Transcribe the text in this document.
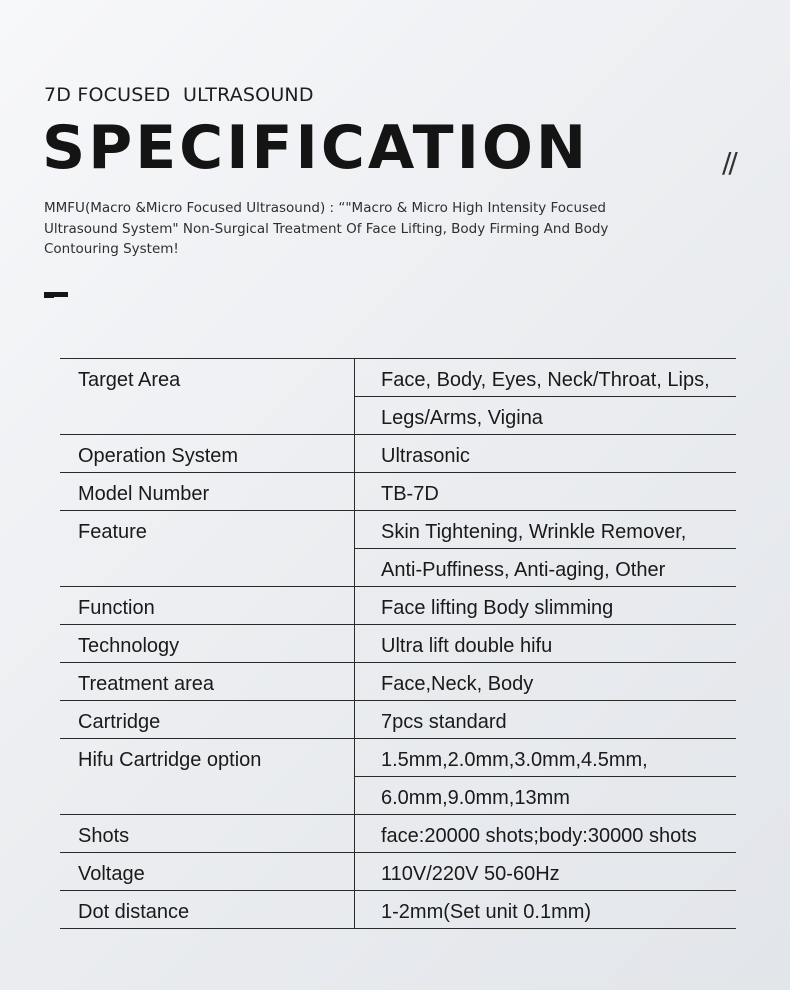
7D FOCUSED  ULTRASOUND
SPECIFICATION	//
MMFU(Macro &Micro Focused Ultrasound) : “"Macro & Micro High Intensity Focused Ultrasound System" Non-Surgical Treatment Of Face Lifting, Body Firming And Body Contouring System!
Target Area	Face, Body, Eyes, Neck/Throat, Lips,
Legs/Arms, Vigina

Operation System	Ultrasonic

Model Number	TB-7D

Feature	Skin Tightening, Wrinkle Remover,
Anti-Puffiness, Anti-aging, Other

Function	Face lifting Body slimming

Technology	Ultra lift double hifu

Treatment area	Face,Neck, Body

Cartridge	7pcs standard

Hifu Cartridge option	1.5mm,2.0mm,3.0mm,4.5mm,
6.0mm,9.0mm,13mm

Shots	face:20000 shots;body:30000 shots

Voltage	110V/220V 50-60Hz

Dot distance	1-2mm(Set unit 0.1mm)
